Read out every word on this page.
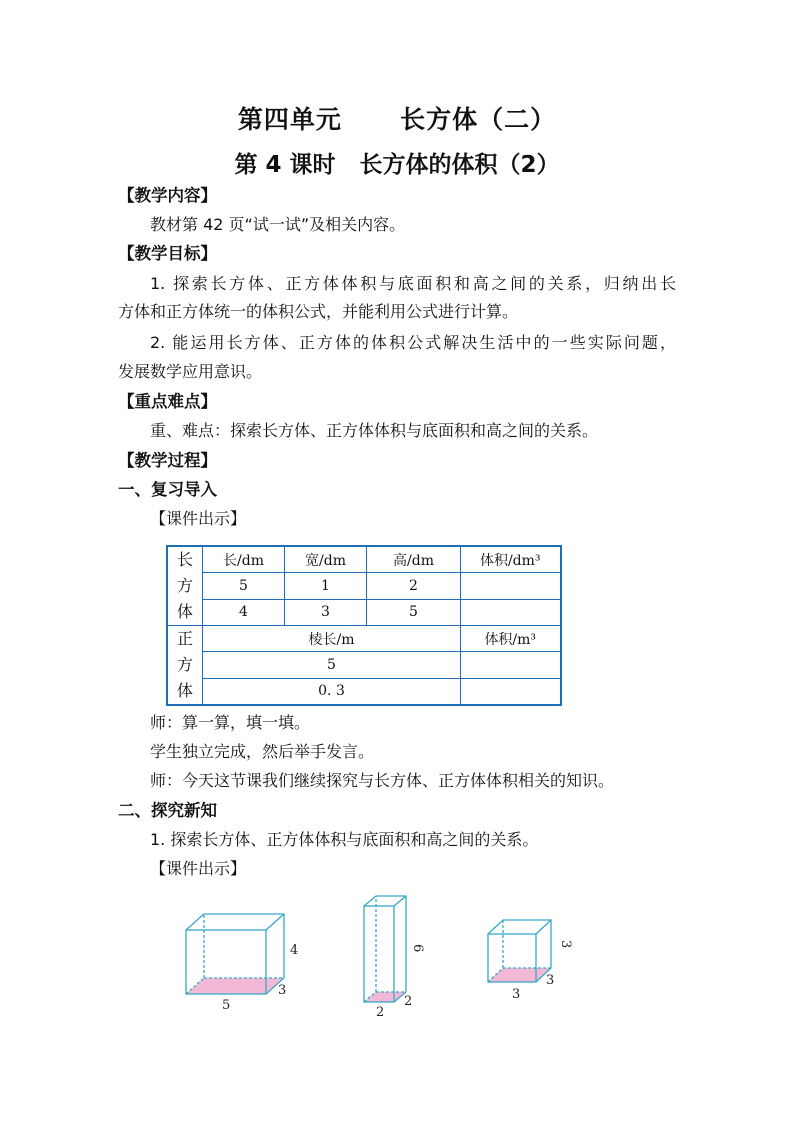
第四单元 长方体（二）
第 4 课时 长方体的体积（2）
【教学内容】
教材第 42 页“试一试”及相关内容。
【教学目标】
1. 探索长方体、正方体体积与底面积和高之间的关系，归纳出长
方体和正方体统一的体积公式，并能利用公式进行计算。
2. 能运用长方体、正方体的体积公式解决生活中的一些实际问题，
发展数学应用意识。
【重点难点】
重、难点：探索长方体、正方体体积与底面积和高之间的关系。
【教学过程】
一、复习导入
【课件出示】
长
方
体	长/dm	宽/dm	高/dm	体积/dm³
	5	1	2	
	4	3	5	
正
方
体	棱长/m			体积/m³
	5			
	0. 3			
师：算一算，填一填。
学生独立完成，然后举手发言。
师：今天这节课我们继续探究与长方体、正方体体积相关的知识。
二、探究新知
1. 探索长方体、正方体体积与底面积和高之间的关系。
【课件出示】
5
3
4
2
2
6
3
3
3
